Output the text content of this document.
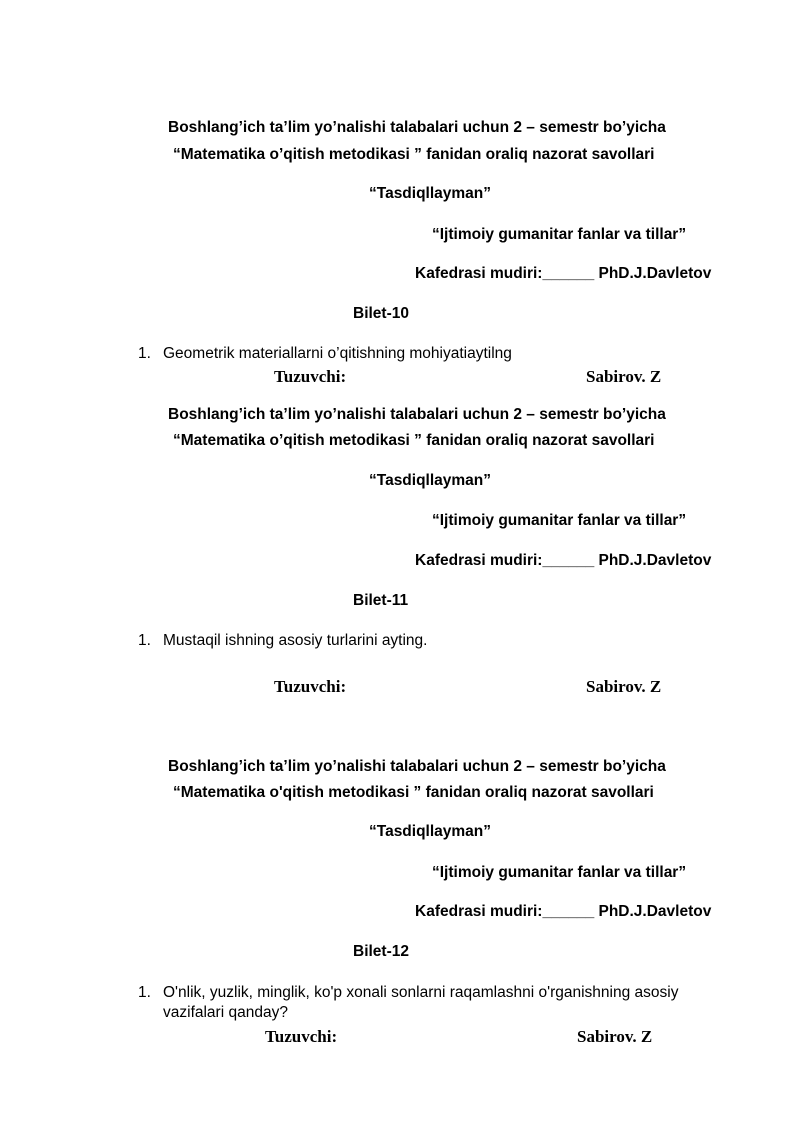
Boshlang’ich ta’lim yo’nalishi talabalari uchun 2 – semestr bo’yicha
“Matematika o’qitish metodikasi ” fanidan oraliq nazorat savollari
“Tasdiqllayman”
“Ijtimoiy gumanitar fanlar va tillar”
Kafedrasi mudiri:______ PhD.J.Davletov
Bilet-10
1. Geometrik materiallarni o’qitishning mohiyatiaytilng
Tuzuvchi:	Sabirov. Z
Boshlang’ich ta’lim yo’nalishi talabalari uchun 2 – semestr bo’yicha
“Matematika o’qitish metodikasi ” fanidan oraliq nazorat savollari
“Tasdiqllayman”
“Ijtimoiy gumanitar fanlar va tillar”
Kafedrasi mudiri:______ PhD.J.Davletov
Bilet-11
1. Mustaqil ishning asosiy turlarini ayting.
Tuzuvchi:	Sabirov. Z
Boshlang’ich ta’lim yo’nalishi talabalari uchun 2 – semestr bo’yicha
“Matematika o'qitish metodikasi ” fanidan oraliq nazorat savollari
“Tasdiqllayman”
“Ijtimoiy gumanitar fanlar va tillar”
Kafedrasi mudiri:______ PhD.J.Davletov
Bilet-12
1. O'nlik, yuzlik, minglik, ko'p xonali sonlarni raqamlashni o'rganishning asosiy vazifalari qanday?
Tuzuvchi:	Sabirov. Z
